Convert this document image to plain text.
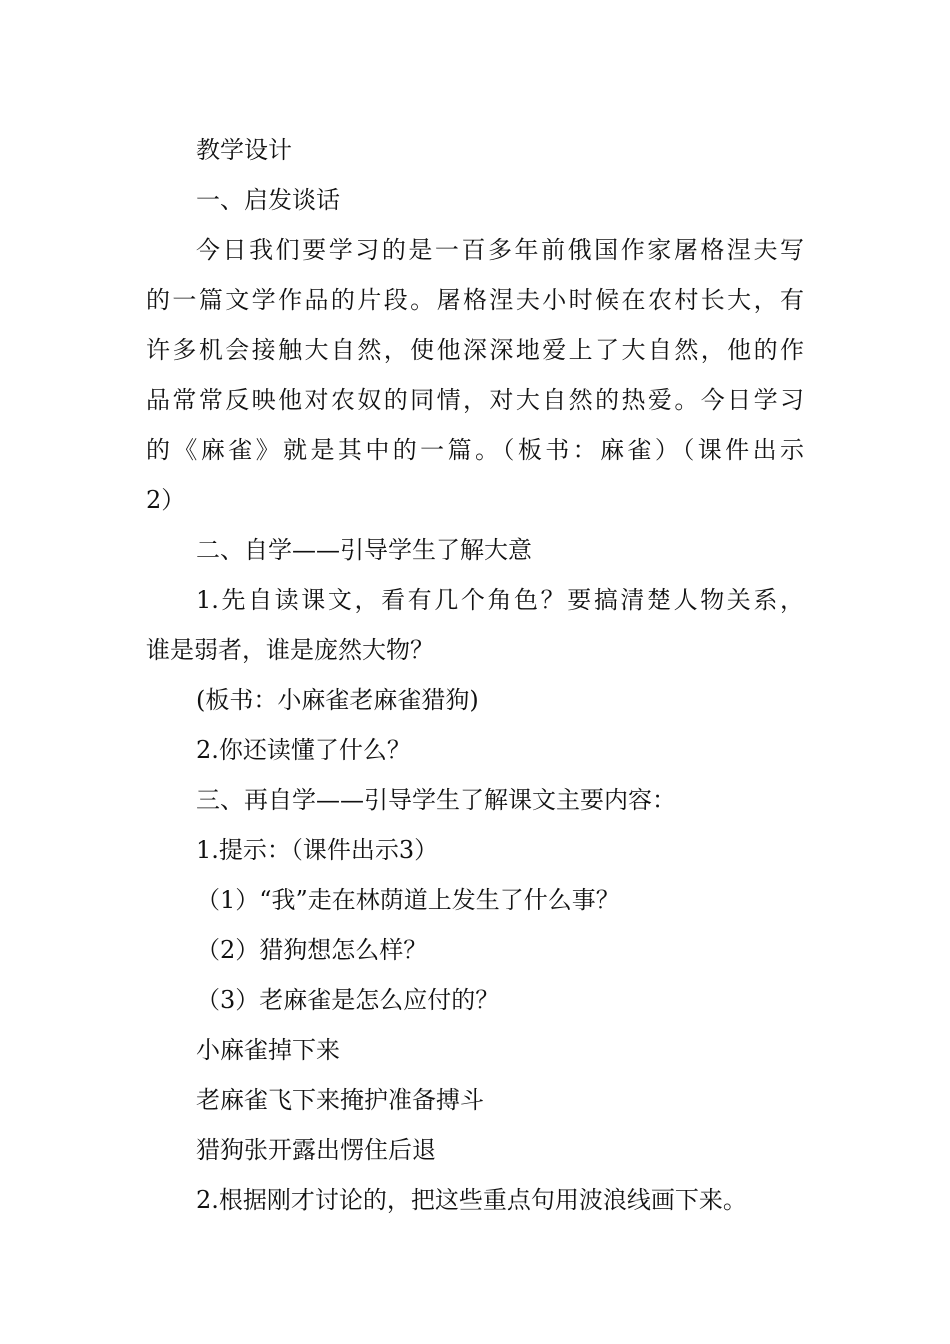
教学设计
一、启发谈话
今日我们要学习的是一百多年前俄国作家屠格涅夫写
的一篇文学作品的片段。屠格涅夫小时候在农村长大，有
许多机会接触大自然，使他深深地爱上了大自然，他的作
品常常反映他对农奴的同情，对大自然的热爱。今日学习
的《麻雀》就是其中的一篇。（板书：麻雀）（课件出示
2）
二、自学——引导学生了解大意
1.先自读课文，看有几个角色？要搞清楚人物关系，
谁是弱者，谁是庞然大物？
(板书：小麻雀老麻雀猎狗)
2.你还读懂了什么？
三、再自学——引导学生了解课文主要内容：
1.提示：（课件出示3）
（1）“我”走在林荫道上发生了什么事？
（2）猎狗想怎么样？
（3）老麻雀是怎么应付的？
小麻雀掉下来
老麻雀飞下来掩护准备搏斗
猎狗张开露出愣住后退
2.根据刚才讨论的，把这些重点句用波浪线画下来。
